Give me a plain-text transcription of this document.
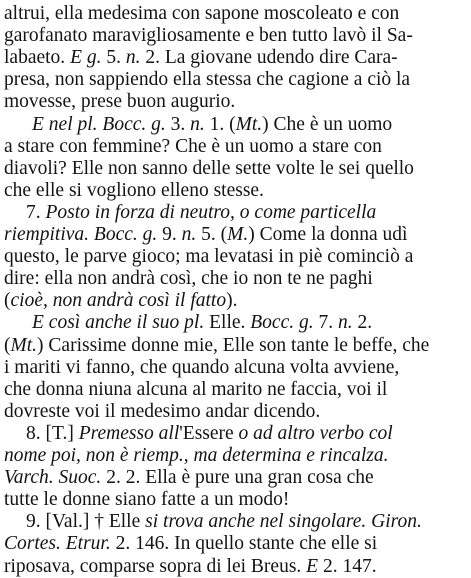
altrui, ella medesima con sapone moscoleato e con
garofanato maravigliosamente e ben tutto lavò il Sa-
labaeto. E g. 5. n. 2. La giovane udendo dire Cara-
presa, non sappiendo ella stessa che cagione a ciò la
movesse, prese buon augurio.
E nel pl. Bocc. g. 3. n. 1. (Mt.) Che è un uomo
a stare con femmine? Che è un uomo a stare con
diavoli? Elle non sanno delle sette volte le sei quello
che elle si vogliono elleno stesse.
7. Posto in forza di neutro, o come particella
riempitiva. Bocc. g. 9. n. 5. (M.) Come la donna udì
questo, le parve gioco; ma levatasi in piè cominciò a
dire: ella non andrà così, che io non te ne paghi
(cioè, non andrà così il fatto).
E così anche il suo pl. Elle. Bocc. g. 7. n. 2.
(Mt.) Carissime donne mie, Elle son tante le beffe, che
i mariti vi fanno, che quando alcuna volta avviene,
che donna niuna alcuna al marito ne faccia, voi il
dovreste voi il medesimo andar dicendo.
8. [T.] Premesso all'Essere o ad altro verbo col
nome poi, non è riemp., ma determina e rincalza.
Varch. Suoc. 2. 2. Ella è pure una gran cosa che
tutte le donne siano fatte a un modo!
9. [Val.] † Elle si trova anche nel singolare. Giron.
Cortes. Etrur. 2. 146. In quello stante che elle si
riposava, comparse sopra di lei Breus. E 2. 147.
